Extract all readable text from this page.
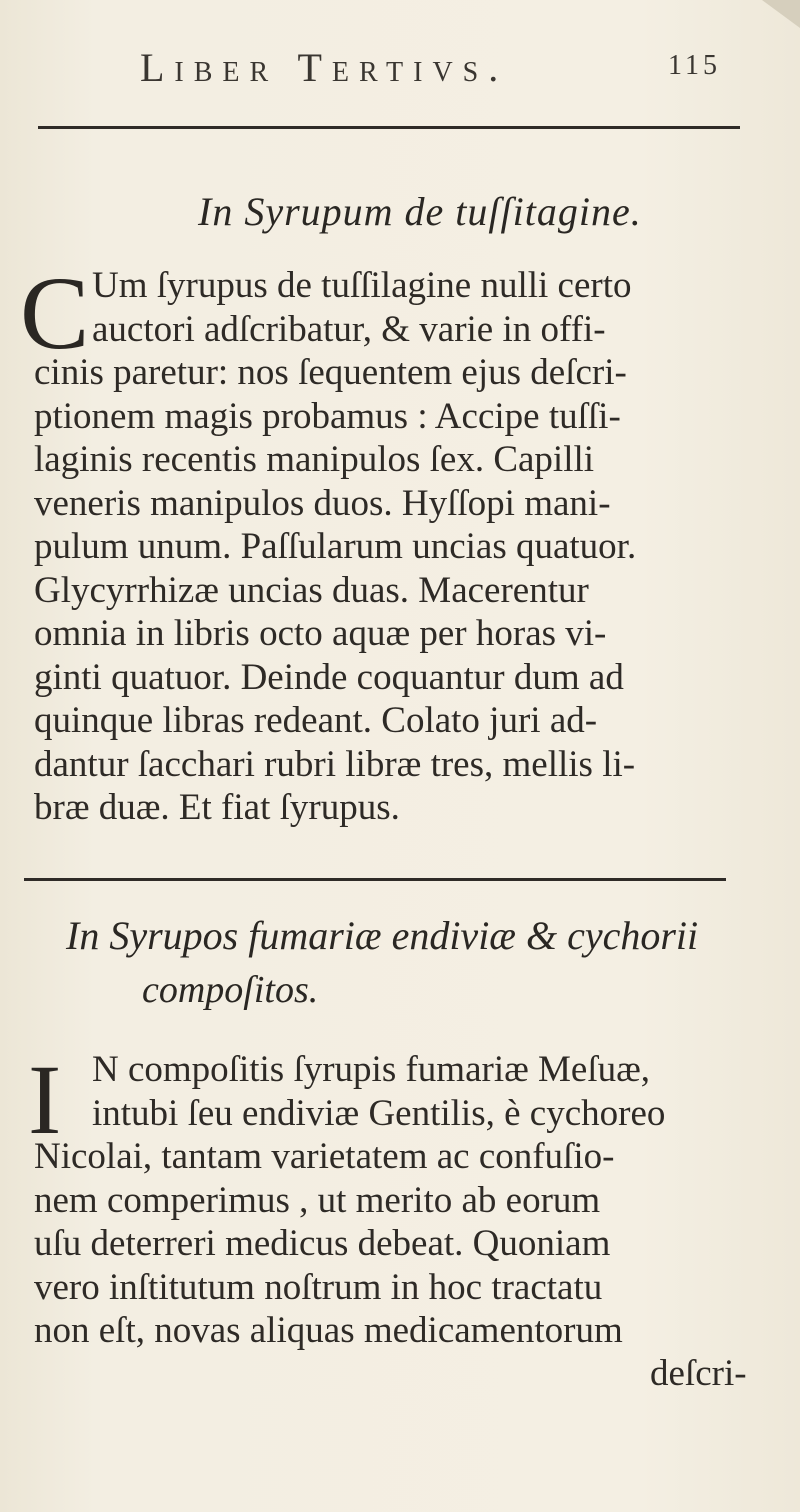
Liber Tertivs.	115
In Syrupum de tuſſitagine.
C Um ſyrupus de tuſſilagine nulli certo
auctori adſcribatur, & varie in offi-
cinis paretur: nos ſequentem ejus deſcri-
ptionem magis probamus : Accipe tuſſi-
laginis recentis manipulos ſex. Capilli
veneris manipulos duos. Hyſſopi mani-
pulum unum. Paſſularum uncias quatuor.
Glycyrrhizæ uncias duas. Macerentur
omnia in libris octo aquæ per horas vi-
ginti quatuor. Deinde coquantur dum ad
quinque libras redeant. Colato juri ad-
dantur ſacchari rubri libræ tres, mellis li-
bræ duæ. Et fiat ſyrupus.
In Syrupos fumariæ endiviæ & cychorii
compoſitos.
I N compoſitis ſyrupis fumariæ Meſuæ,
intubi ſeu endiviæ Gentilis, è cychoreo
Nicolai, tantam varietatem ac confuſio-
nem comperimus , ut merito ab eorum
uſu deterreri medicus debeat. Quoniam
vero inſtitutum noſtrum in hoc tractatu
non eſt, novas aliquas medicamentorum
deſcri-
